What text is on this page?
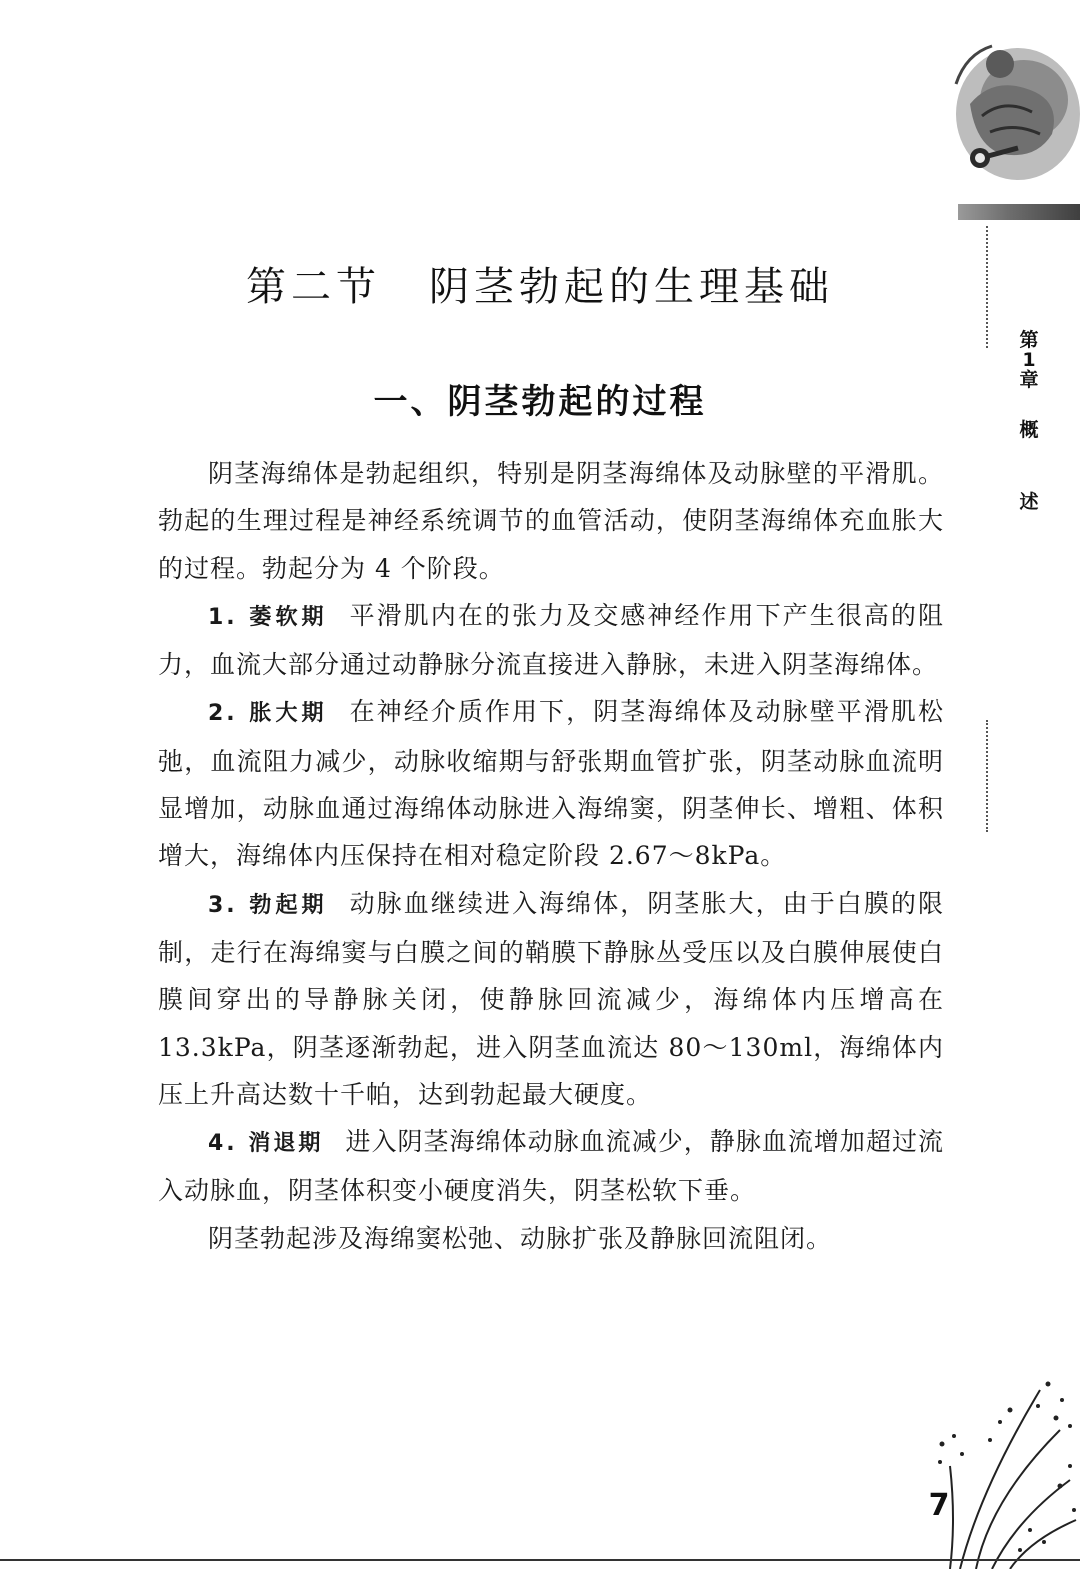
第1章
概
述
第二节 阴茎勃起的生理基础
一、阴茎勃起的过程

阴茎海绵体是勃起组织，特别是阴茎海绵体及动脉壁的平滑肌。勃起的生理过程是神经系统调节的血管活动，使阴茎海绵体充血胀大的过程。勃起分为 4 个阶段。

1. 萎软期 平滑肌内在的张力及交感神经作用下产生很高的阻力，血流大部分通过动静脉分流直接进入静脉，未进入阴茎海绵体。

2. 胀大期 在神经介质作用下，阴茎海绵体及动脉壁平滑肌松弛，血流阻力减少，动脉收缩期与舒张期血管扩张，阴茎动脉血流明显增加，动脉血通过海绵体动脉进入海绵窦，阴茎伸长、增粗、体积增大，海绵体内压保持在相对稳定阶段 2.67～8kPa。

3. 勃起期 动脉血继续进入海绵体，阴茎胀大，由于白膜的限制，走行在海绵窦与白膜之间的鞘膜下静脉丛受压以及白膜伸展使白膜间穿出的导静脉关闭，使静脉回流减少，海绵体内压增高在 13.3kPa，阴茎逐渐勃起，进入阴茎血流达 80～130ml，海绵体内压上升高达数十千帕，达到勃起最大硬度。

4. 消退期 进入阴茎海绵体动脉血流减少，静脉血流增加超过流入动脉血，阴茎体积变小硬度消失，阴茎松软下垂。

阴茎勃起涉及海绵窦松弛、动脉扩张及静脉回流阻闭。

7
